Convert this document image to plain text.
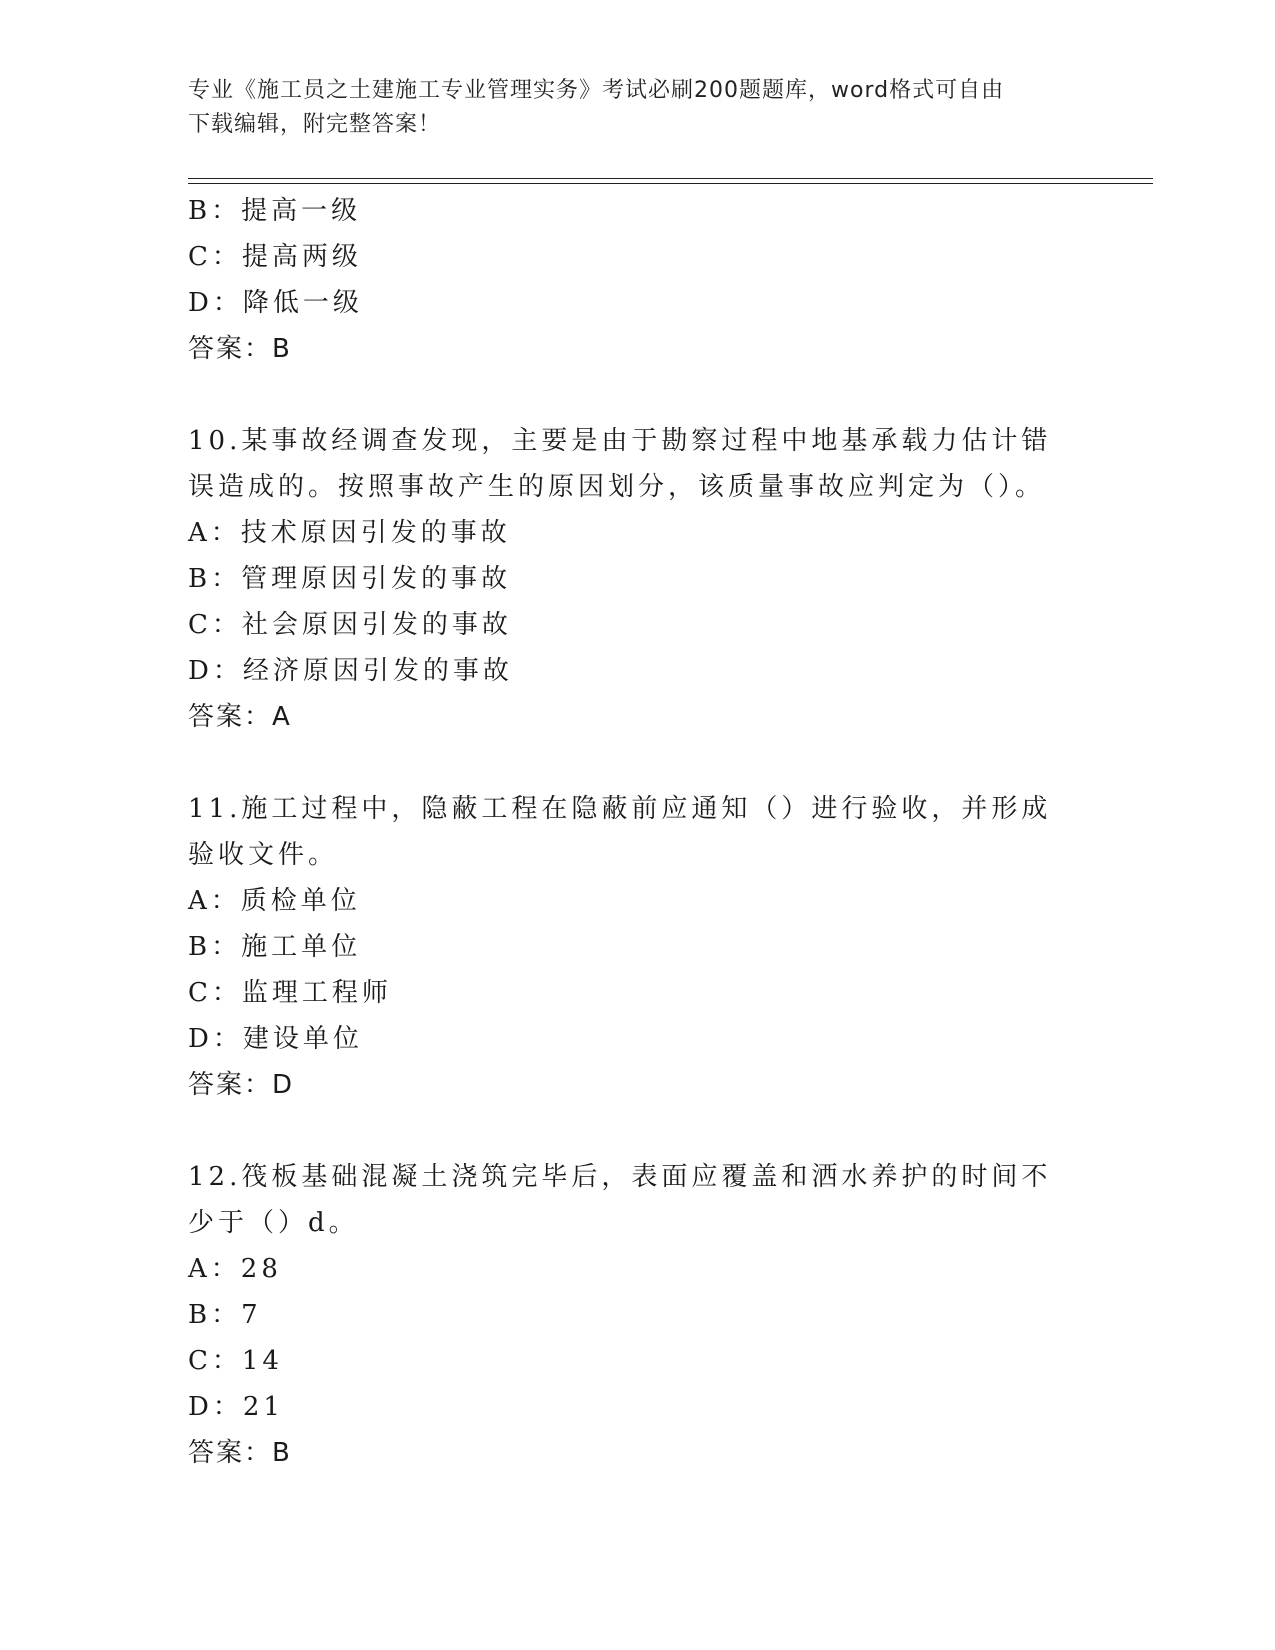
专业《施工员之土建施工专业管理实务》考试必刷200题题库，word格式可自由
下载编辑，附完整答案！
B：提高一级
C：提高两级
D：降低一级
答案：B
10.某事故经调查发现，主要是由于勘察过程中地基承载力估计错误造成的。按照事故产生的原因划分，该质量事故应判定为（）。
A：技术原因引发的事故
B：管理原因引发的事故
C：社会原因引发的事故
D：经济原因引发的事故
答案：A
11.施工过程中，隐蔽工程在隐蔽前应通知（）进行验收，并形成验收文件。
A：质检单位
B：施工单位
C：监理工程师
D：建设单位
答案：D
12.筏板基础混凝土浇筑完毕后，表面应覆盖和洒水养护的时间不少于（）d。
A：28
B：7
C：14
D：21
答案：B
